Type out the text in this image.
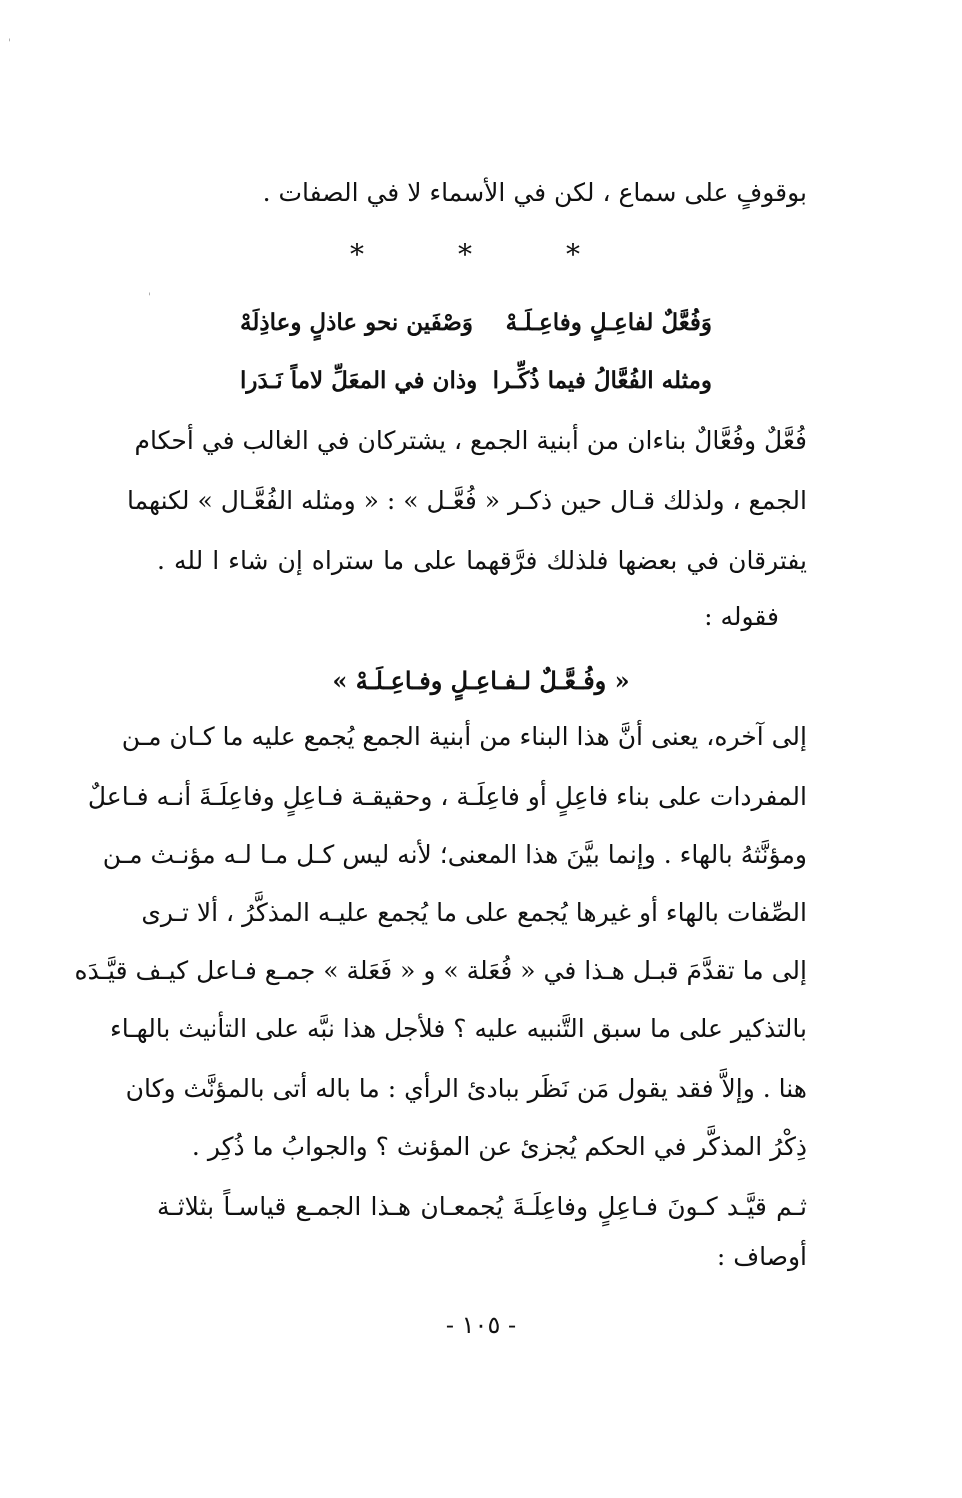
'
'
بوقوفٍ على سماع ، لكن في الأسماء لا في الصفات .
*	*	*
وَفُعَّلٌ لفاعِـلٍ وفاعِـلَـهْ
وَصْفَين نحو عاذلٍ وعاذِلَهْ
ومثله الفُعَّالُ فيما ذُكِّـرا
وذان في المعَلِّ لاماً نَـدَرا
فُعَّلٌ وفُعَّالٌ بناءان من أبنية الجمع ، يشتركان في الغالب في أحكام
الجمع ، ولذلك قـال حين ذكـر « فُعَّـل » : « ومثله الفُعَّـال » لكنهما
يفترقان في بعضها فلذلك فرَّقهما على ما ستراه إن شاء ا لله .
فقوله :
« وفُـعَّـلٌ لـفـاعِـلٍ وفـاعِـلَـهْ »
إلى آخره، يعنى أنَّ هذا البناء من أبنية الجمع يُجمع عليه ما كـان مـن
المفردات على بناء فاعِلٍ أو فاعِلَـة ، وحقيقـة فـاعِلٍ وفاعِلَـةَ أنـه فـاعلٌ
ومؤنَّثهُ بالهاء . وإنما بيَّنَ هذا المعنى؛ لأنه ليس كـل مـا لـه مؤنـث مـن
الصِّفات بالهاء أو غيرها يُجمع على ما يُجمع عليـه المذكَّرُ ، ألا تـرى
إلى ما تقدَّمَ قبـل هـذا في « فُعَلة » و « فَعَلة » جمـع فـاعل كيـف قيَّـدَه
بالتذكير على ما سبق التَّنبيه عليه ؟ فلأجل هذا نبَّه على التأنيث بالهـاء
هنا . وإلاَّ فقد يقول مَن نَظَر ببادئ الرأي : ما باله أتى بالمؤنَّث وكان
ذِكْرُ المذكَّر في الحكم يُجزئ عن المؤنث ؟ والجوابُ ما ذُكِر .
ثـم قيَّـد كـونَ فـاعِلٍ وفاعِلَـةَ يُجمعـان هـذا الجمـع قياسـاً بثلاثـة
أوصاف :
- ١٠٥ -
